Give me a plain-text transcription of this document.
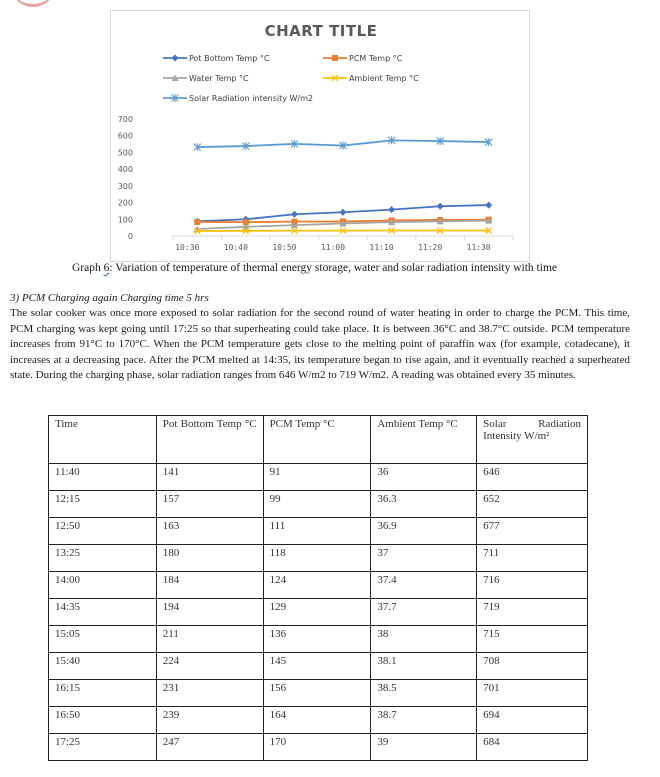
CHART TITLE
0
100
200
300
400
500
600
700
10:30	10:40	10:50	11:00	11:10	11:20	11:30
Pot Bottom Temp °C	PCM Temp °C
Water Temp °C	Ambient Temp °C
Solar Radiation intensity W/m2
Graph 6: Variation of temperature of thermal energy storage, water and solar radiation intensity with time
3) PCM Charging again Charging time 5 hrs
The solar cooker was once more exposed to solar radiation for the second round of water heating in order to charge the PCM. This time, PCM charging was kept going until 17:25 so that superheating could take place. It is between 36°C and 38.7°C outside. PCM temperature increases from 91°C to 170°C. When the PCM temperature gets close to the melting point of paraffin wax (for example, cotadecane), it increases at a decreasing pace. After the PCM melted at 14:35, its temperature began to rise again, and it eventually reached a superheated state. During the charging phase, solar radiation ranges from 646 W/m2 to 719 W/m2. A reading was obtained every 35 minutes.
Time	Pot Bottom Temp °C	PCM Temp °C	Ambient Temp °C	Solar Radiation
Intensity W/m²
11:40	141	91	36	646
12:15	157	99	36.3	652
12:50	163	111	36.9	677
13:25	180	118	37	711
14:00	184	124	37.4	716
14:35	194	129	37.7	719
15:05	211	136	38	715
15:40	224	145	38.1	708
16:15	231	156	38.5	701
16:50	239	164	38.7	694
17:25	247	170	39	684
